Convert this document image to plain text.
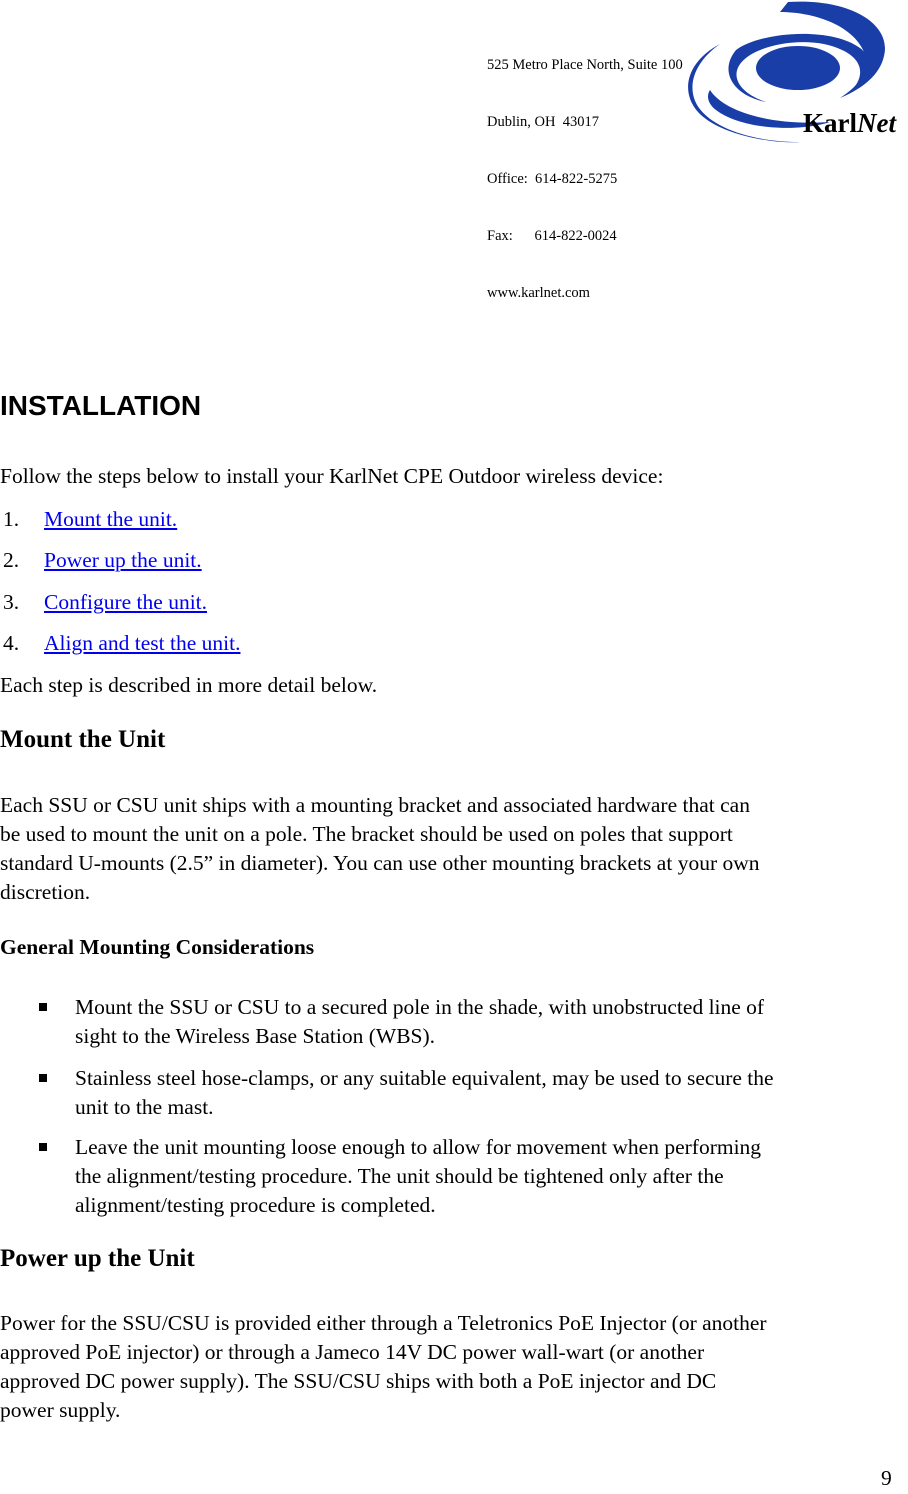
525 Metro Place North, Suite 100

Dublin, OH  43017

Office:  614-822-5275

Fax:      614-822-0024

www.karlnet.com

KarlNet
INSTALLATION

Follow the steps below to install your KarlNet CPE Outdoor wireless device:

1. Mount the unit.
2. Power up the unit.
3. Configure the unit.
4. Align and test the unit.

Each step is described in more detail below.

Mount the Unit
Each SSU or CSU unit ships with a mounting bracket and associated hardware that can
be used to mount the unit on a pole. The bracket should be used on poles that support
standard U-mounts (2.5” in diameter). You can use other mounting brackets at your own
discretion.
General Mounting Considerations
Mount the SSU or CSU to a secured pole in the shade, with unobstructed line of
sight to the Wireless Base Station (WBS).
Stainless steel hose-clamps, or any suitable equivalent, may be used to secure the
unit to the mast.
Leave the unit mounting loose enough to allow for movement when performing
the alignment/testing procedure. The unit should be tightened only after the
alignment/testing procedure is completed.
Power up the Unit
Power for the SSU/CSU is provided either through a Teletronics PoE Injector (or another
approved PoE injector) or through a Jameco 14V DC power wall-wart (or another
approved DC power supply). The SSU/CSU ships with both a PoE injector and DC
power supply.
9
